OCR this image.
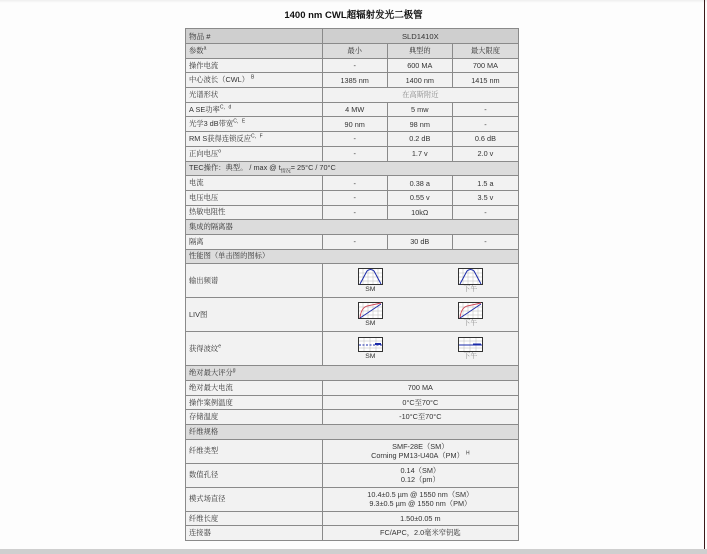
1400 nm CWL超辐射发光二极管
物品 #	SLD1410X		
参数$^a$	最小	典型的	最大限度
操作电流	-	600 MA	700 MA
中心波长（CWL） $^B$	1385 nm	1400 nm	1415 nm
光谱形状	在高斯附近		
A SE功率$^{C,d}$	4 MW	5 mw	-
光学3 dB带宽$^{C,E}$	90 nm	98 nm	-
RM S获得连锁反应$^{C,F}$	-	0.2 dB	0.6 dB
正向电压$^o$	-	1.7 v	2.0 v
TEC操作：典型。 / max @ $t_{情况}= 25^\circ C / 70^\circ C$			
电流	-	0.38 a	1.5 a
电压电压	-	0.55 v	3.5 v
热敏电阻性	-	10kΩ	-
集成的隔离器			
隔离	-	30 dB	-
性能图（单击图的图标）			
输出频谱	SM 下午		

LIV图	SM 下午		

获得波纹$^e$	SM 下午		

绝对最大评分$^g$
绝对最大电流	700 MA		
操作案例温度	0°C至70°C		
存储温度	-10°C至70°C		
纤维规格			
纤维类型	SMF-28E（SM）
Corning PM13-U40A（PM） $^H$

数值孔径	0.14（SM）
0.12（pm）		

模式场直径	10.4±0.5 µm @ 1550 nm（SM）
9.3±0.5 µm @ 1550 nm（PM）		

纤维长度	1.50±0.05 m		
连接器	FC/APC，2.0毫米窄钥匙		
